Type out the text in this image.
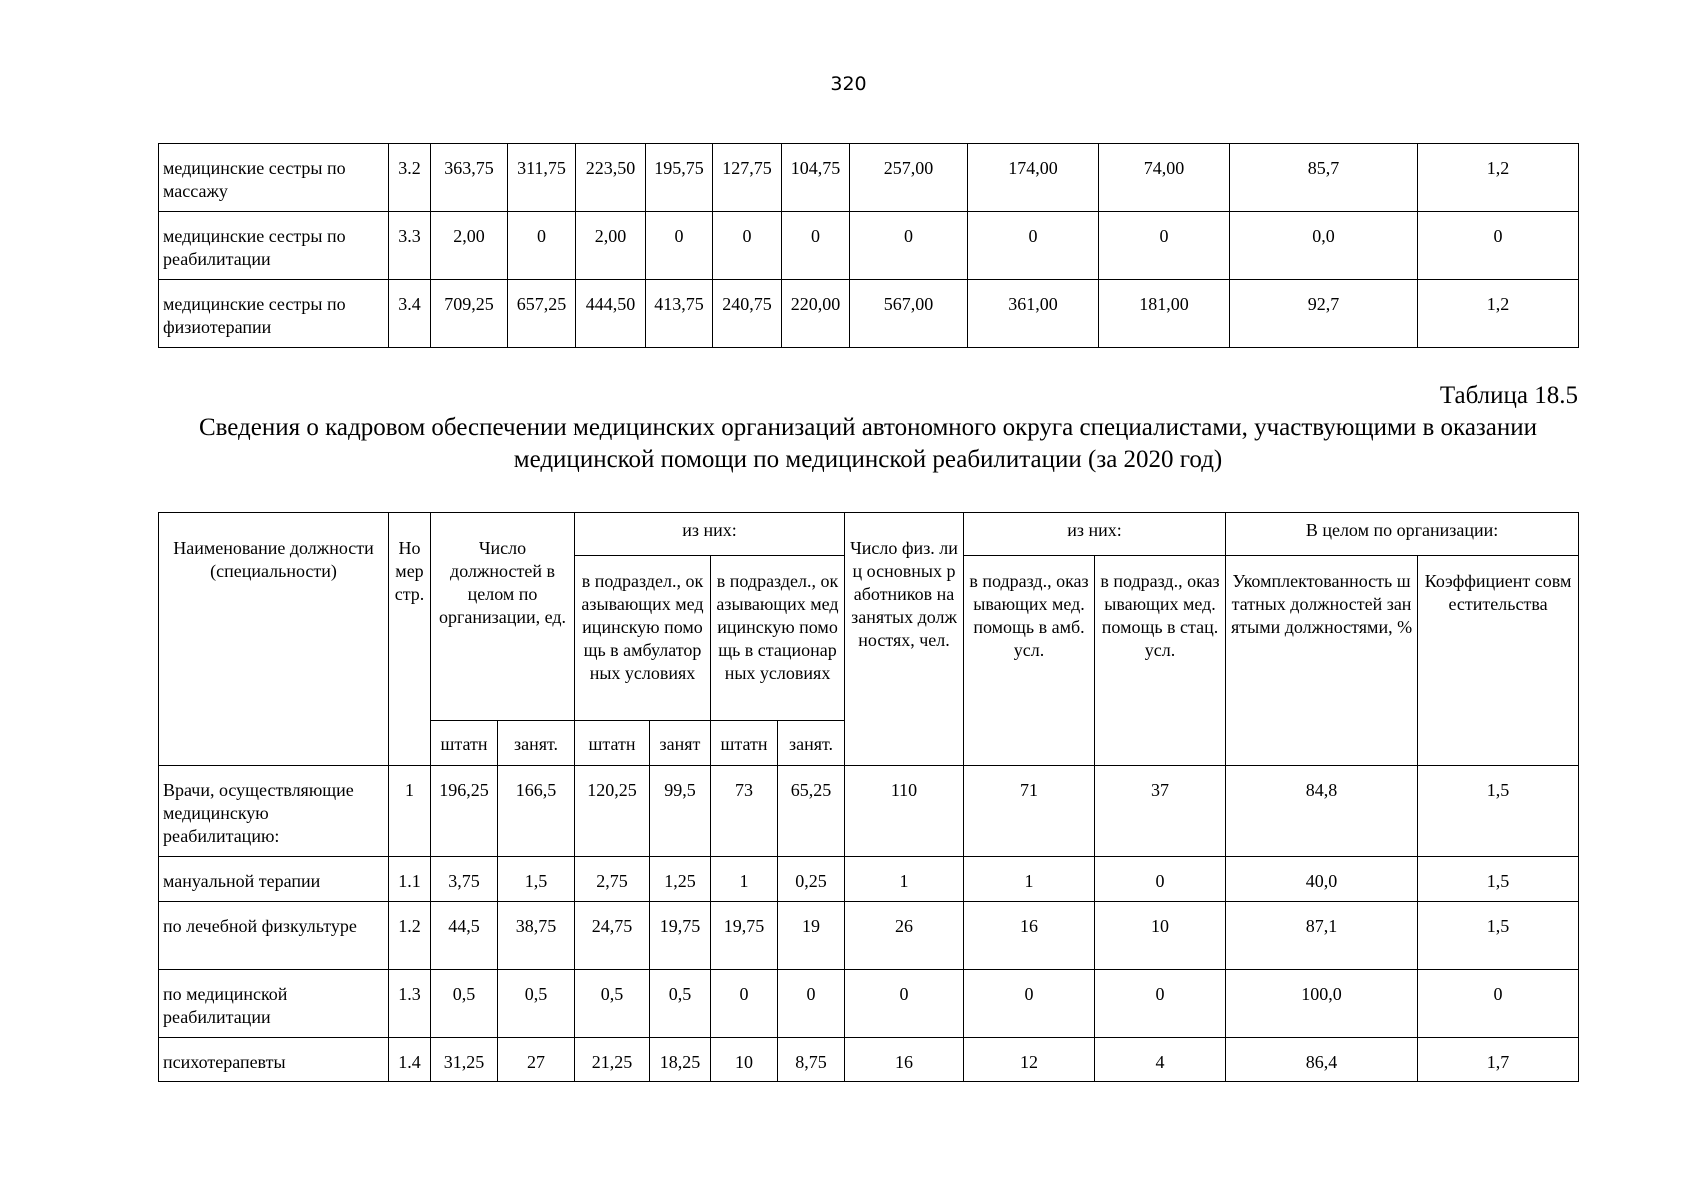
320
медицинские сестры по массажу	3.2	363,75	311,75	223,50	195,75	127,75	104,75	257,00	174,00	74,00	85,7	1,2
медицинские сестры по реабилитации	3.3	2,00	0	2,00	0	0	0	0	0	0	0,0	0
медицинские сестры по физиотерапии	3.4	709,25	657,25	444,50	413,75	240,75	220,00	567,00	361,00	181,00	92,7	1,2
Таблица 18.5
Сведения о кадровом обеспечении медицинских организаций автономного округа специалистами, участвующими в оказании медицинской помощи по медицинской реабилитации (за 2020 год)
Наименование должности (специальности)	Номер стр.	Число должностей в целом по организации, ед.		из них:				Число физ. лиц основных работников на занятых должностях, чел.	из них:		В целом по организации:	
				в подраздел., оказывающих медицинскую помощь в амбулаторных условиях		в подраздел., оказывающих медицинскую помощь в стационарных условиях			в подразд., оказывающих мед. помощь в амб. усл.	в подразд., оказывающих мед. помощь в стац. усл.	Укомплектованность штатных должностей занятыми должностями, %	Коэффициент совместительства
		штатн	занят.	штатн	занят	штатн	занят.					
Врачи, осуществляющие медицинскую реабилитацию:	1	196,25	166,5	120,25	99,5	73	65,25	110	71	37	84,8	1,5
мануальной терапии	1.1	3,75	1,5	2,75	1,25	1	0,25	1	1	0	40,0	1,5
по лечебной физкультуре	1.2	44,5	38,75	24,75	19,75	19,75	19	26	16	10	87,1	1,5
по медицинской реабилитации	1.3	0,5	0,5	0,5	0,5	0	0	0	0	0	100,0	0
психотерапевты	1.4	31,25	27	21,25	18,25	10	8,75	16	12	4	86,4	1,7
